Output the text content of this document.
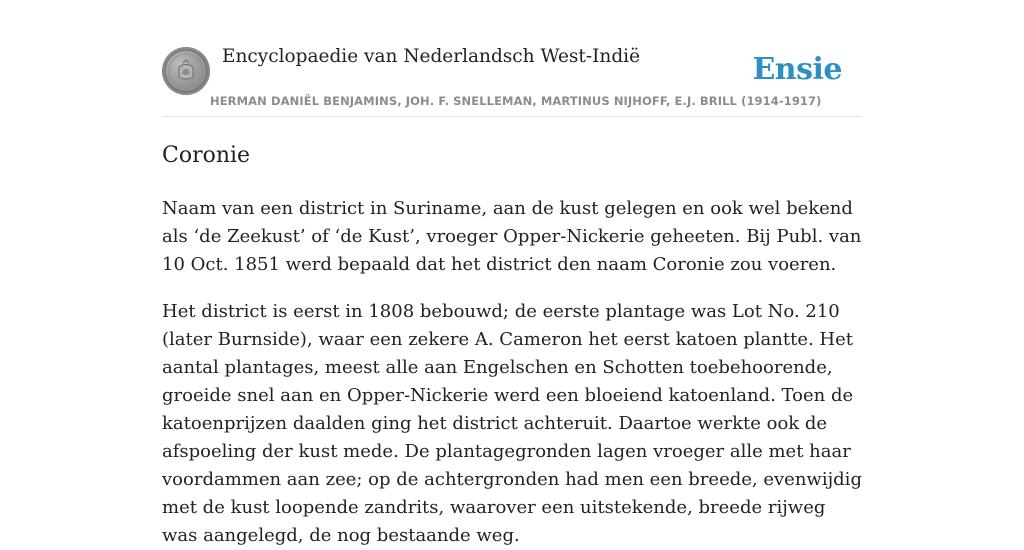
Encyclopaedie van Nederlandsch West-Indië	Ensie
HERMAN DANIËL BENJAMINS, JOH. F. SNELLEMAN, MARTINUS NIJHOFF, E.J. BRILL (1914-1917)
Coronie

Naam van een district in Suriname, aan de kust gelegen en ook wel bekend als ‘de Zeekust’ of ‘de Kust’, vroeger Opper-Nickerie geheeten. Bij Publ. van 10 Oct. 1851 werd bepaald dat het district den naam Coronie zou voeren.

Het district is eerst in 1808 bebouwd; de eerste plantage was Lot No. 210 (later Burnside), waar een zekere A. Cameron het eerst katoen plantte. Het aantal plantages, meest alle aan Engelschen en Schotten toebehoorende, groeide snel aan en Opper-Nickerie werd een bloeiend katoenland. Toen de katoenprijzen daalden ging het district achteruit. Daartoe werkte ook de afspoeling der kust mede. De plantagegronden lagen vroeger alle met haar voordammen aan zee; op de achtergronden had men een breede, evenwijdig met de kust loopende zandrits, waarover een uitstekende, breede rijweg was aangelegd, de nog bestaande weg.
